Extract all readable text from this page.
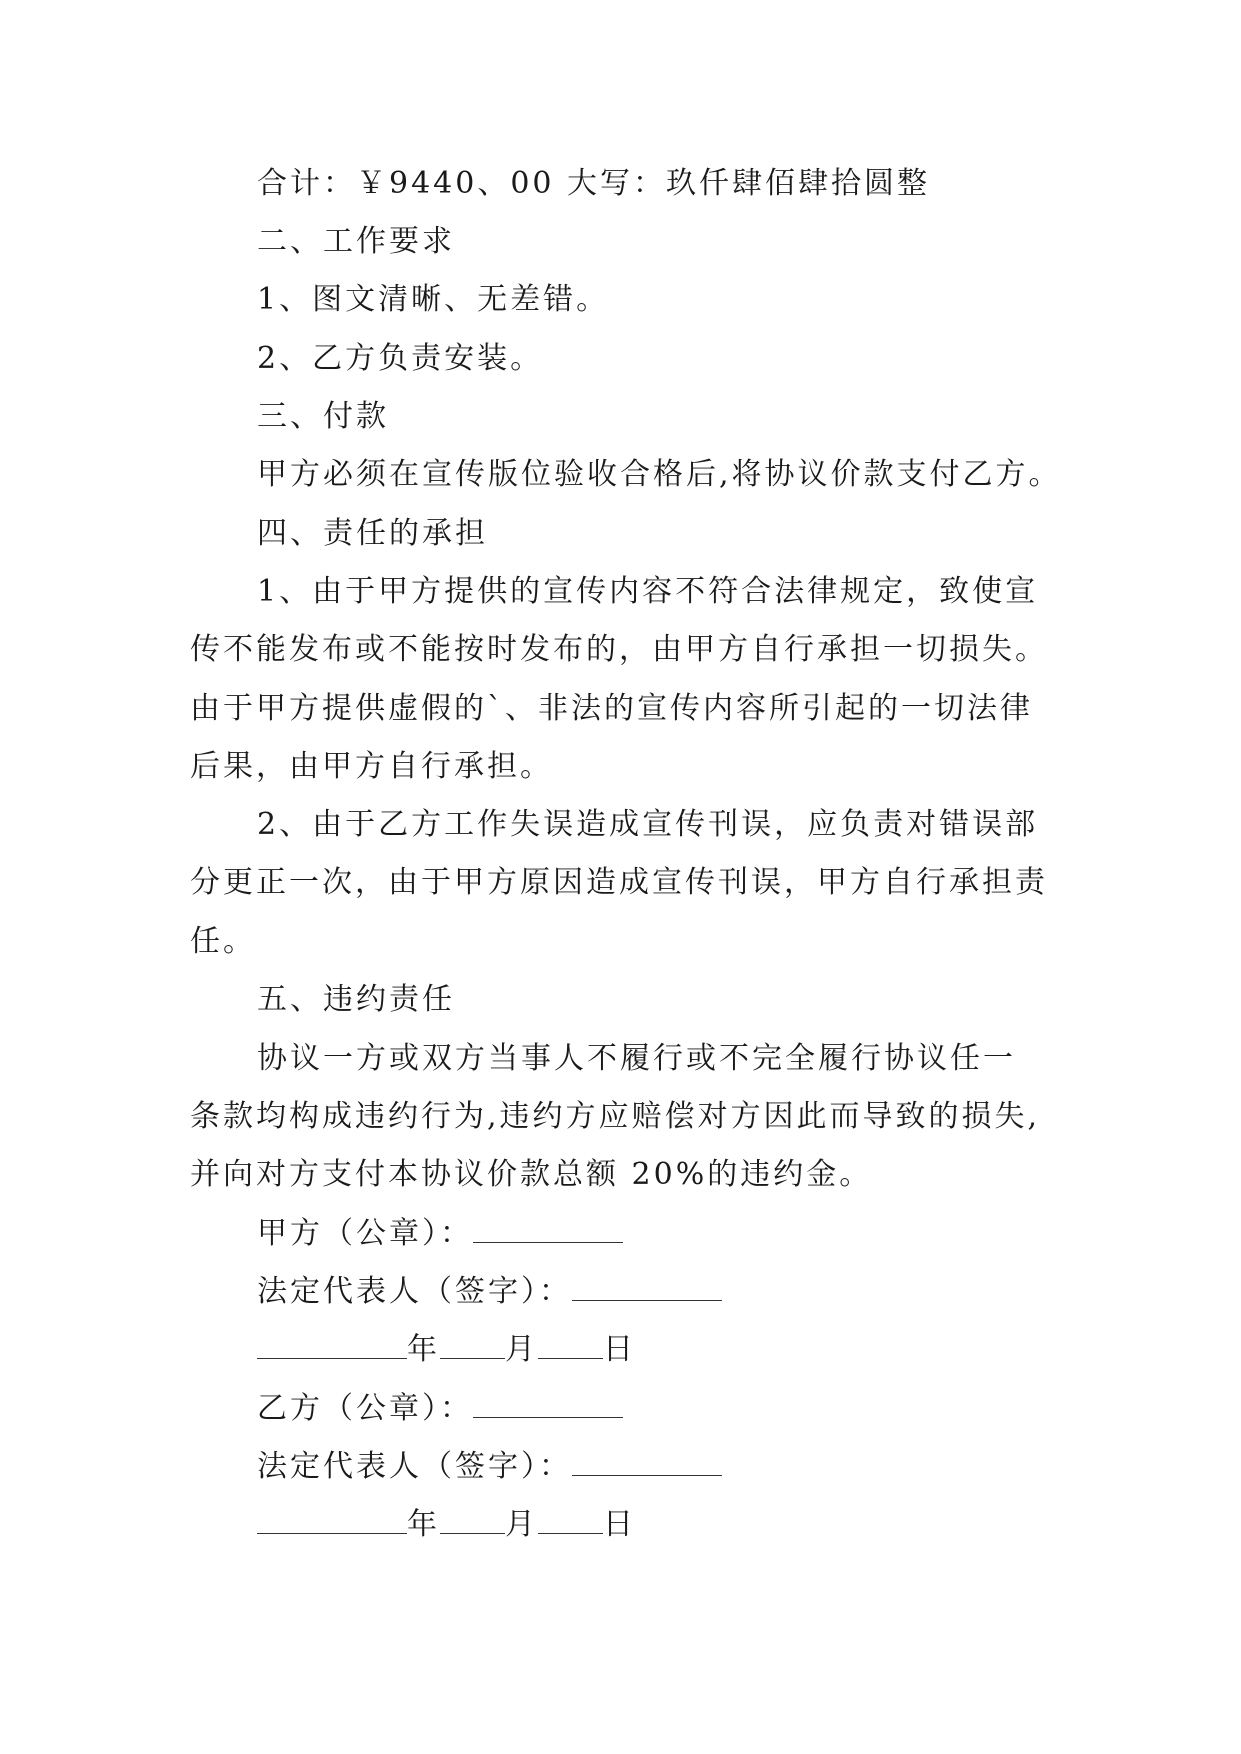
合计：￥9440、00 大写：玖仟肆佰肆拾圆整
二、工作要求
1、图文清晰、无差错。
2、乙方负责安装。
三、付款
甲方必须在宣传版位验收合格后,将协议价款支付乙方。
四、责任的承担
1、由于甲方提供的宣传内容不符合法律规定，致使宣
传不能发布或不能按时发布的，由甲方自行承担一切损失。
由于甲方提供虚假的`、非法的宣传内容所引起的一切法律
后果，由甲方自行承担。
2、由于乙方工作失误造成宣传刊误，应负责对错误部
分更正一次，由于甲方原因造成宣传刊误，甲方自行承担责
任。
五、违约责任
协议一方或双方当事人不履行或不完全履行协议任一
条款均构成违约行为,违约方应赔偿对方因此而导致的损失,
并向对方支付本协议价款总额 20%的违约金。
甲方（公章）：
法定代表人（签字）：
年 月 日
乙方（公章）：
法定代表人（签字）：
年 月 日
